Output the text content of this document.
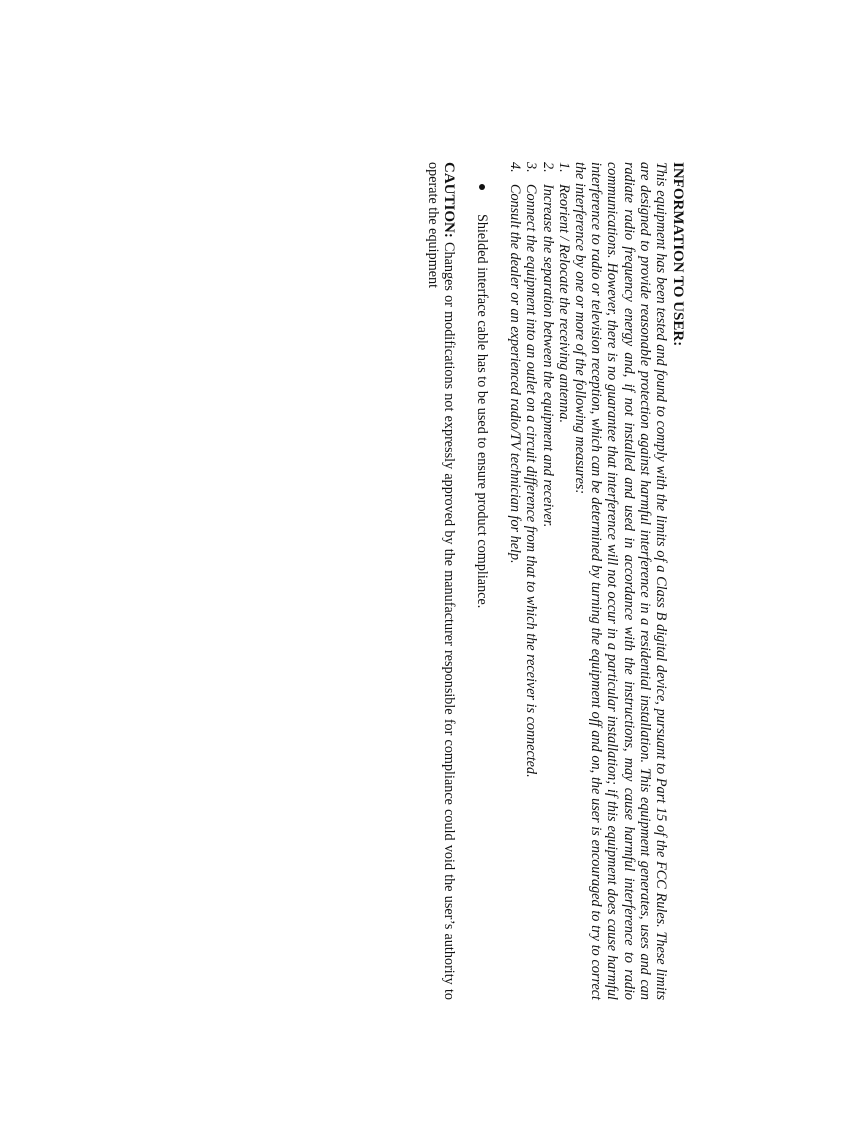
INFORMATION TO USER:

This equipment has been tested and found to comply with the limits of a Class B digital device, pursuant to Part 15 of the FCC Rules. These limits are designed to provide reasonable protection against harmful interference in a residential installation. This equipment generates, uses and can radiate radio frequency energy and, if not installed and used in accordance with the instructions, may cause harmful interference to radio communications. However, there is no guarantee that interference will not occur in a particular installation; if this equipment does cause harmful interference to radio or television reception, which can be determined by turning the equipment off and on, the user is encouraged to try to correct the interference by one or more of the following measures:

1.
Reorient / Relocate the receiving antenna.
2.
Increase the separation between the equipment and receiver.
3.
Connect the equipment into an outlet on a circuit difference from that to which the receiver is connected.
4.
Consult the dealer or an experienced radio/TV technician for help.
Shielded interface cable has to be used to ensure product compliance.

CAUTION: Changes or modifications not expressly approved by the manufacturer responsible for compliance could void the user’s authority to operate the equipment
